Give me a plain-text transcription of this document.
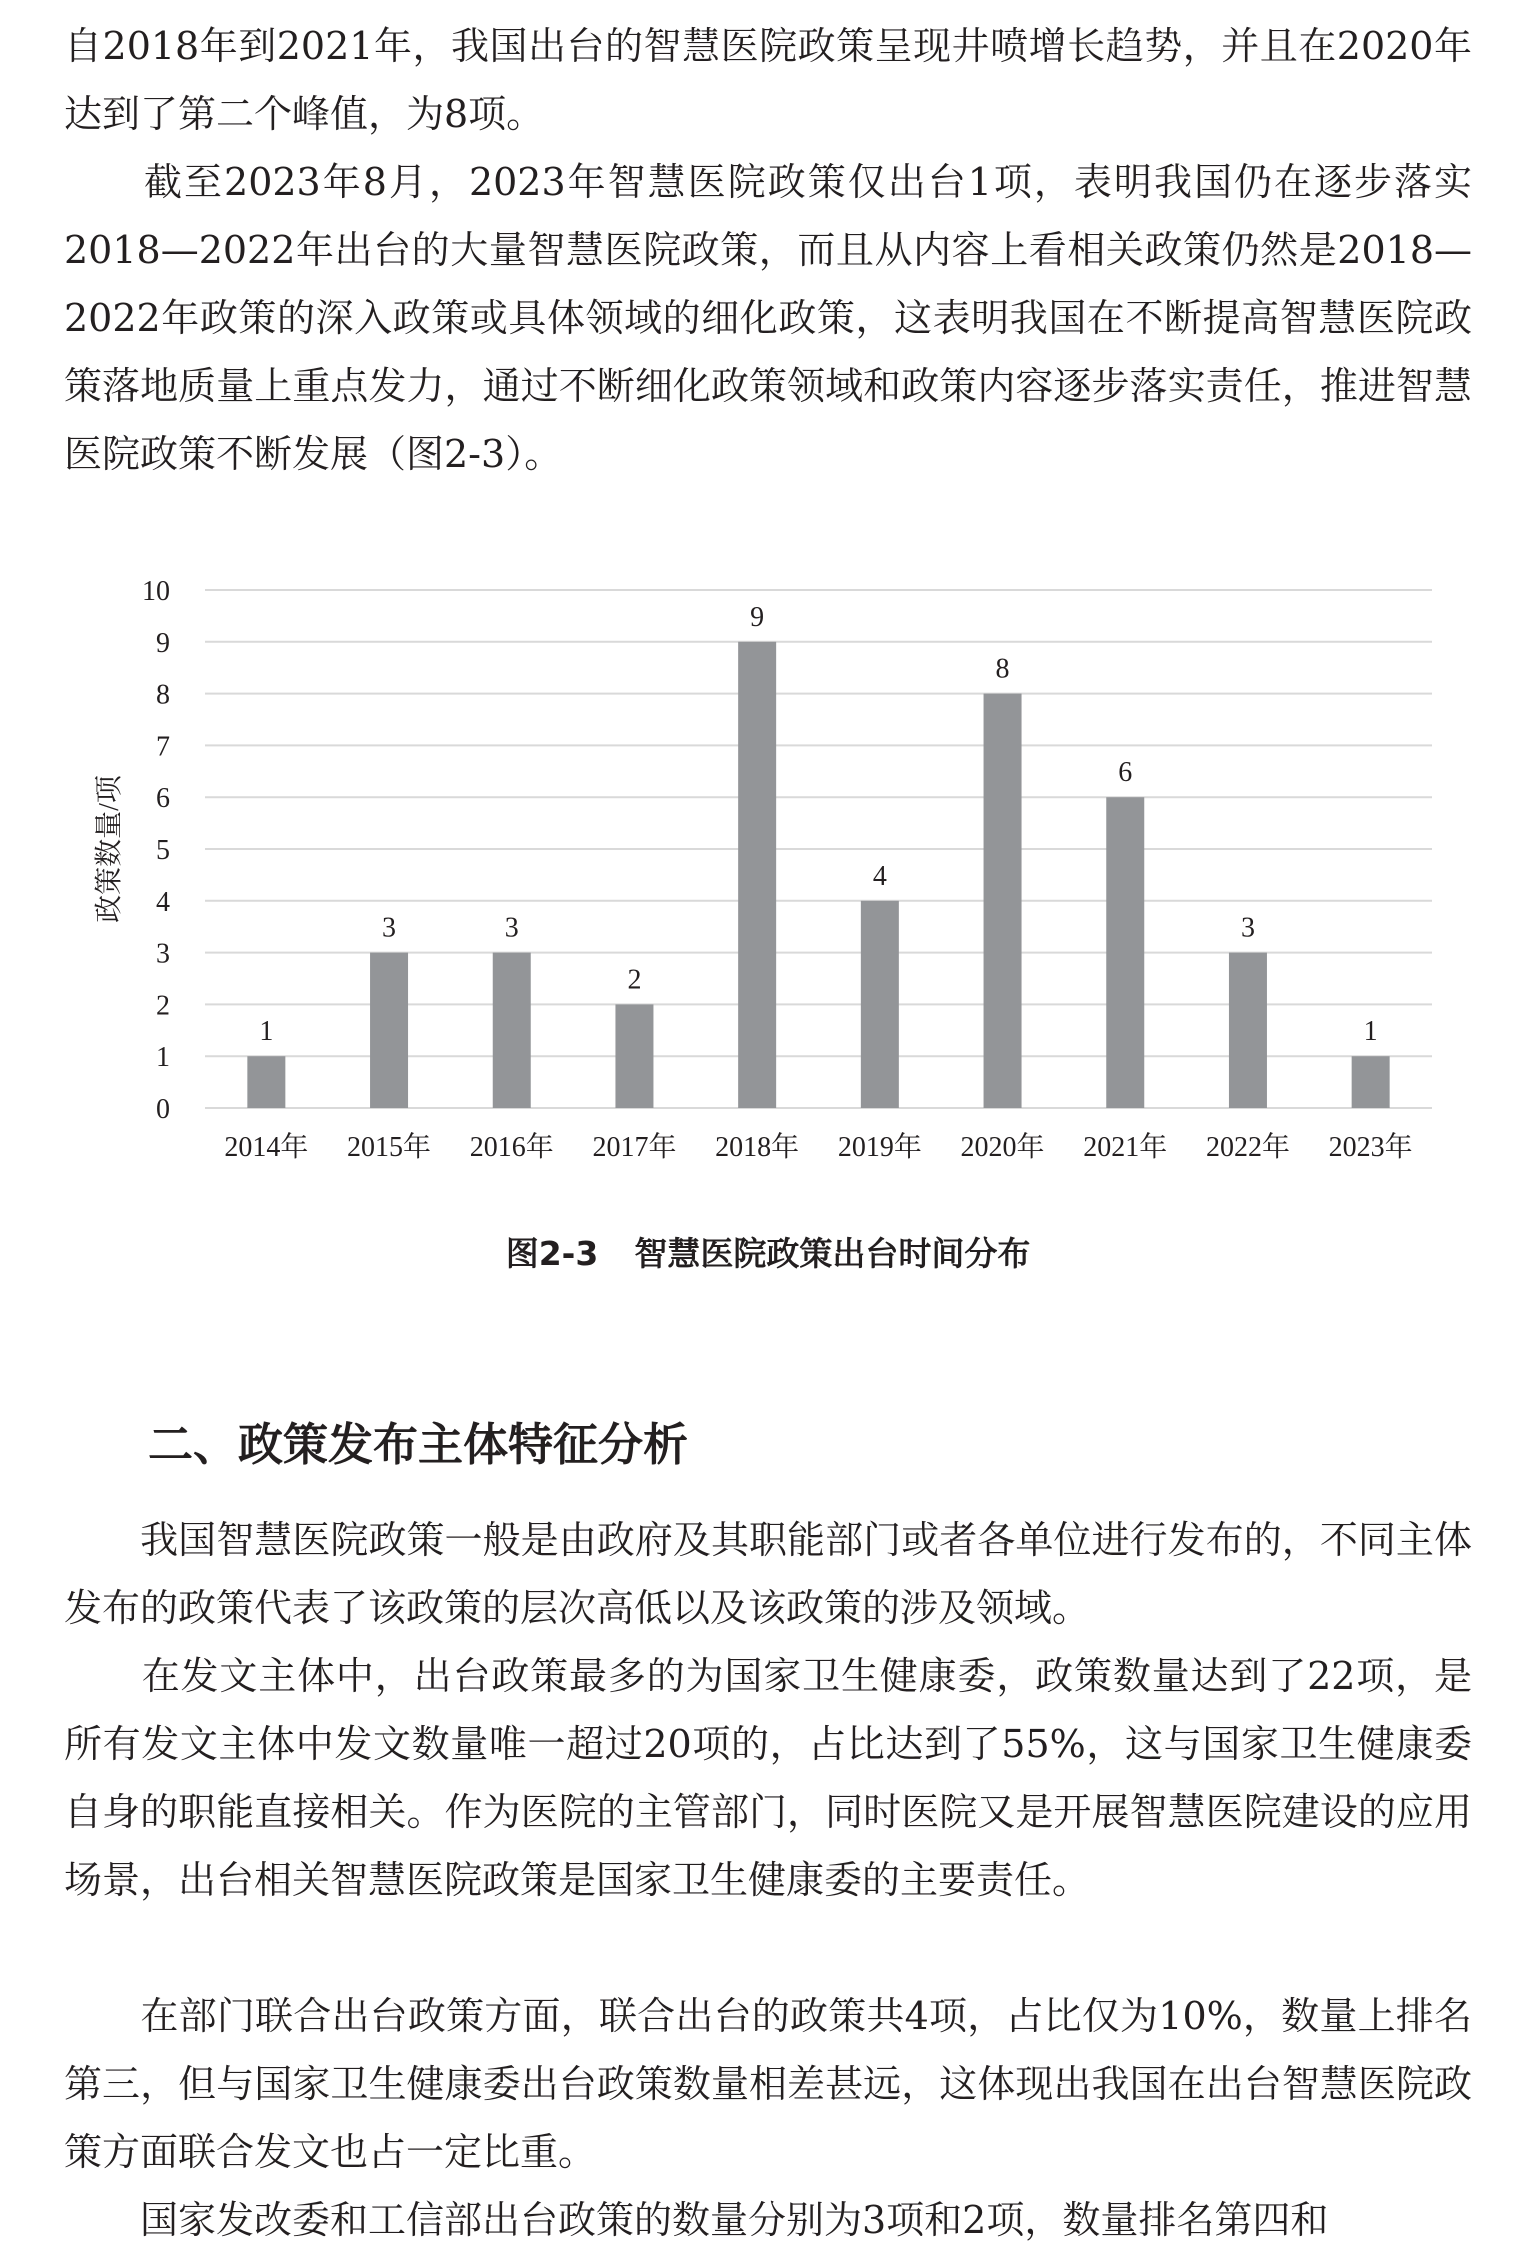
自2018年到2021年，我国出台的智慧医院政策呈现井喷增长趋势，并且在2020年达到了第二个峰值，为8项。

　　截至2023年8月，2023年智慧医院政策仅出台1项，表明我国仍在逐步落实2018—2022年出台的大量智慧医院政策，而且从内容上看相关政策仍然是2018—2022年政策的深入政策或具体领域的细化政策，这表明我国在不断提高智慧医院政策落地质量上重点发力，通过不断细化政策领域和政策内容逐步落实责任，推进智慧医院政策不断发展（图2-3）。

0
1
2
3
4
5
6
7
8
9
10
1
3	3
2
9
4
8
6
3
1
2014年 2015年 2016年 2017年 2018年 2019年 2020年 2021年 2022年 2023年
政策数量/项
图2-3 智慧医院政策出台时间分布
二、政策发布主体特征分析

　　我国智慧医院政策一般是由政府及其职能部门或者各单位进行发布的，不同主体发布的政策代表了该政策的层次高低以及该政策的涉及领域。

　　在发文主体中，出台政策最多的为国家卫生健康委，政策数量达到了22项，是所有发文主体中发文数量唯一超过20项的，占比达到了55%，这与国家卫生健康委自身的职能直接相关。作为医院的主管部门，同时医院又是开展智慧医院建设的应用场景，出台相关智慧医院政策是国家卫生健康委的主要责任。

　　在部门联合出台政策方面，联合出台的政策共4项，占比仅为10%，数量上排名第三，但与国家卫生健康委出台政策数量相差甚远，这体现出我国在出台智慧医院政策方面联合发文也占一定比重。

　　国家发改委和工信部出台政策的数量分别为3项和2项，数量排名第四和
